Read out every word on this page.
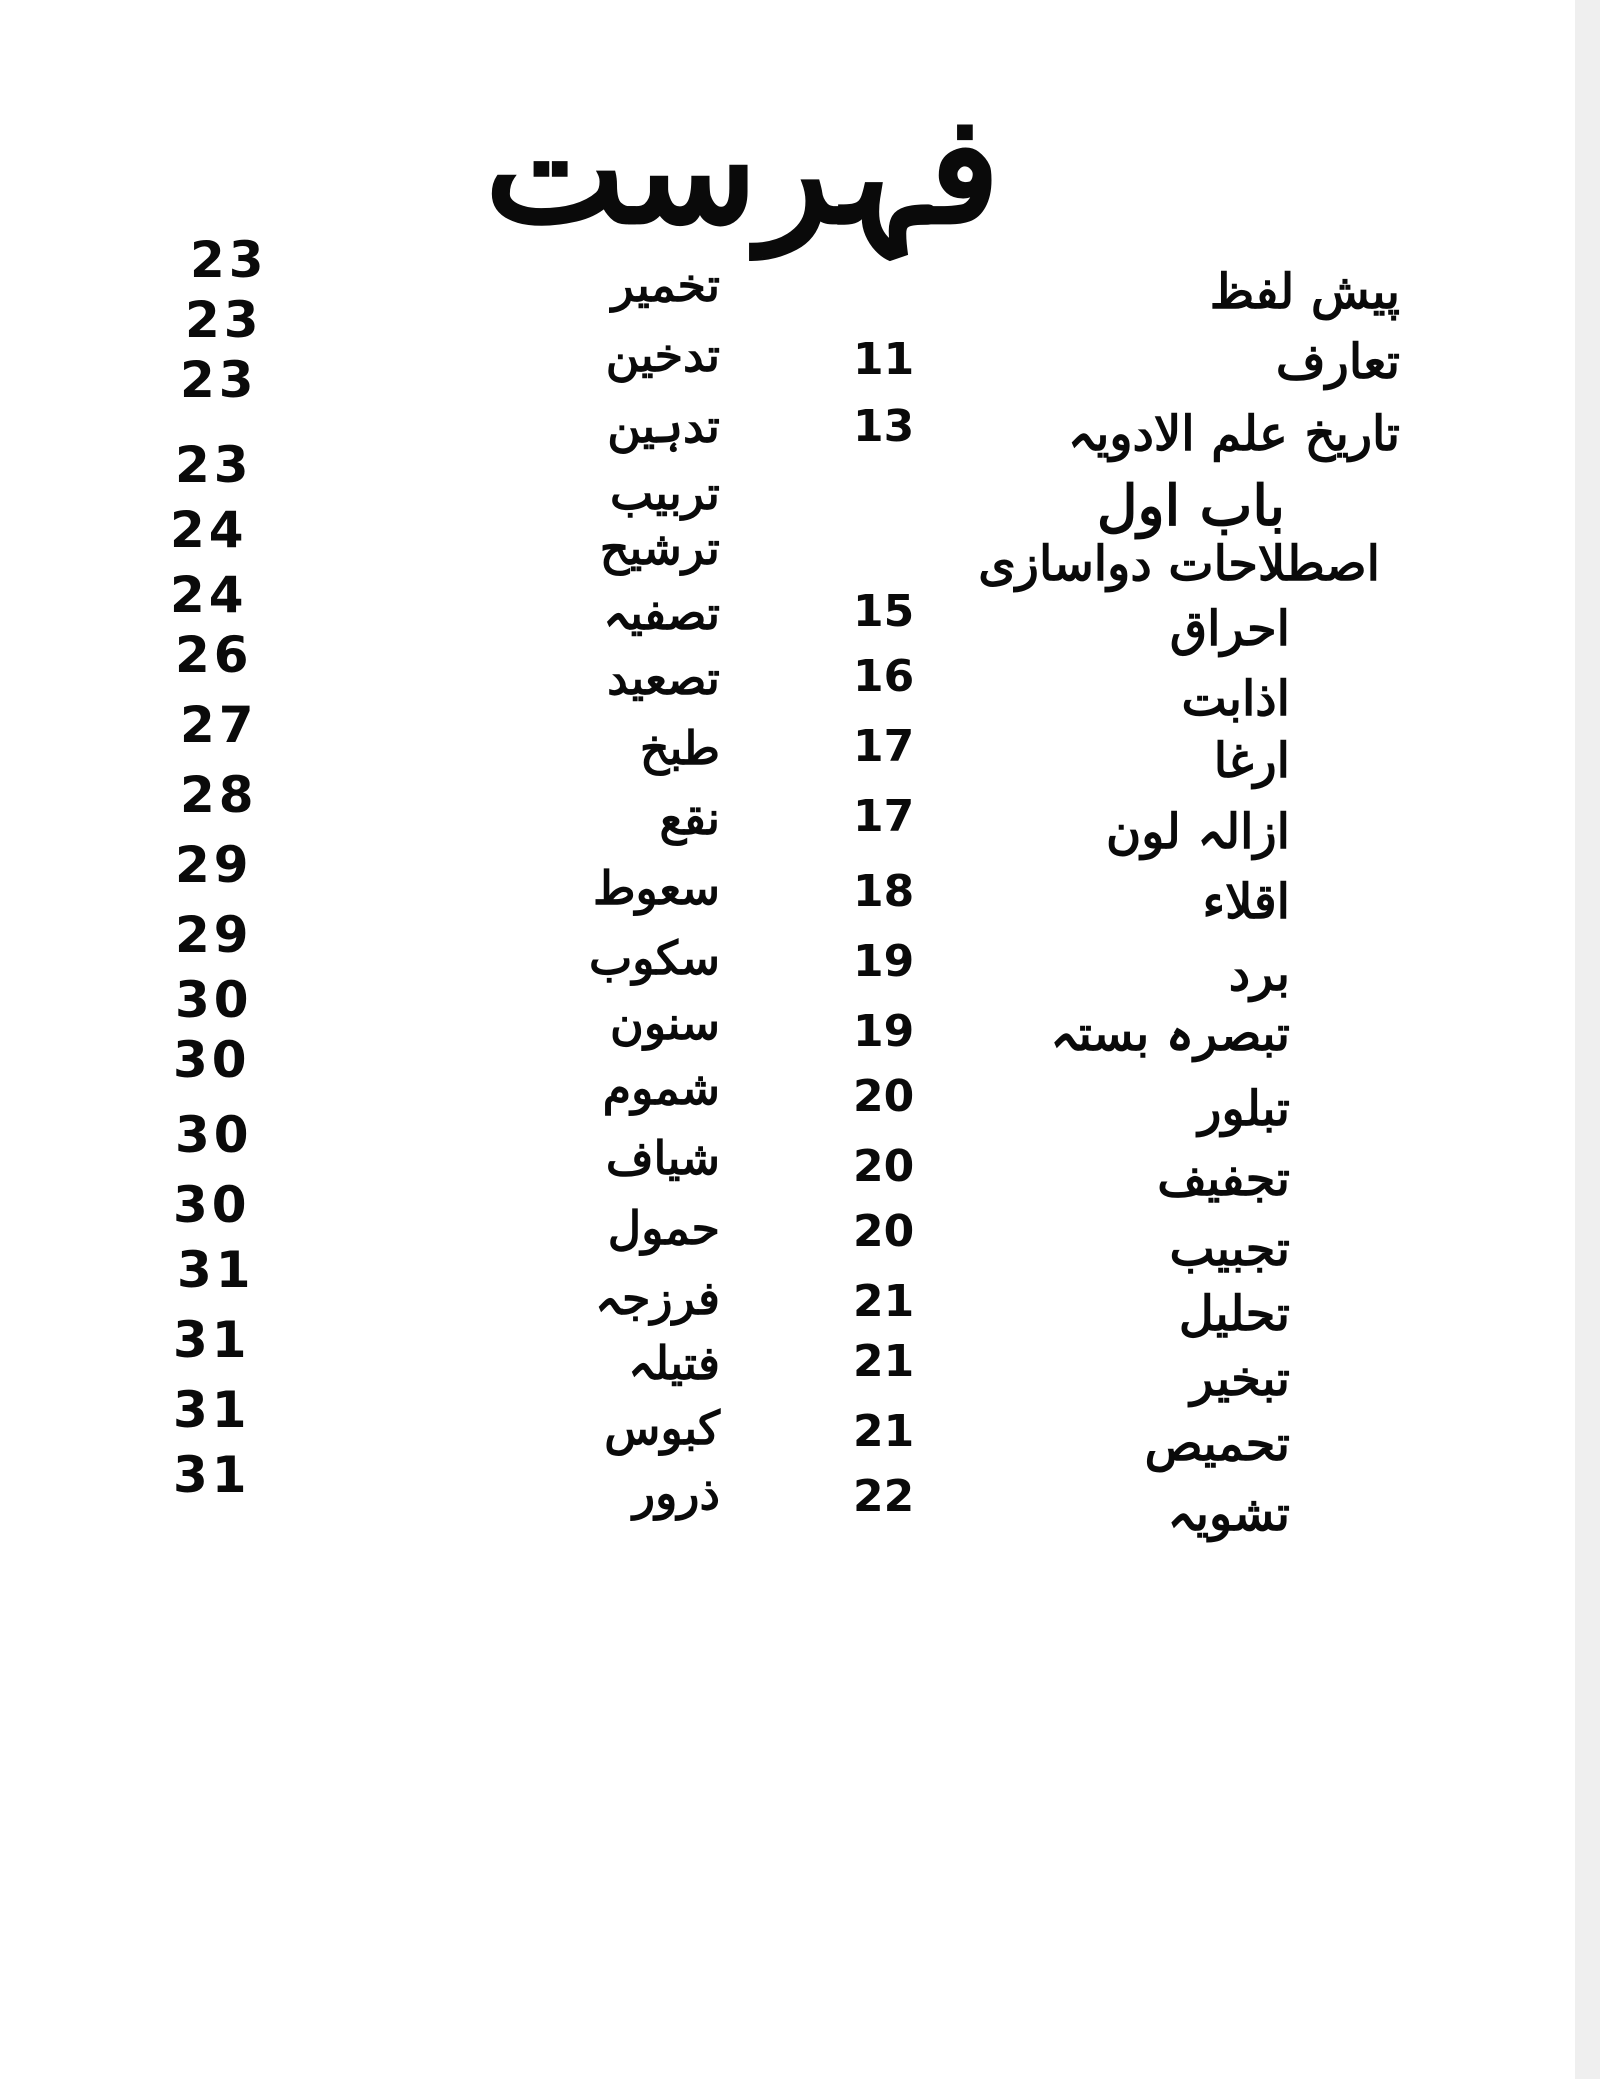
فہرست
پیش لفظ
تعارف
تاریخ علم الادویہ
باب اول
اصطلاحات دواسازی
احراق
اذابت
ارغا
ازالہ لون
اقلاء
برد
تبصرہ بستہ
تبلور
تجفیف
تجبیب
تحلیل
تبخیر
تحمیص
تشویہ
11
13
15
16
17
17
18
19
19
20
20
20
21
21
21
22
تخمیر
تدخین
تدہین
تربیب
ترشیح
تصفیہ
تصعید
طبخ
نقع
سعوط
سکوب
سنون
شموم
شیاف
حمول
فرزجہ
فتیلہ
کبوس
ذرور
23
23
23
23
24
24
26
27
28
29
29
30
30
30
30
31
31
31
31
